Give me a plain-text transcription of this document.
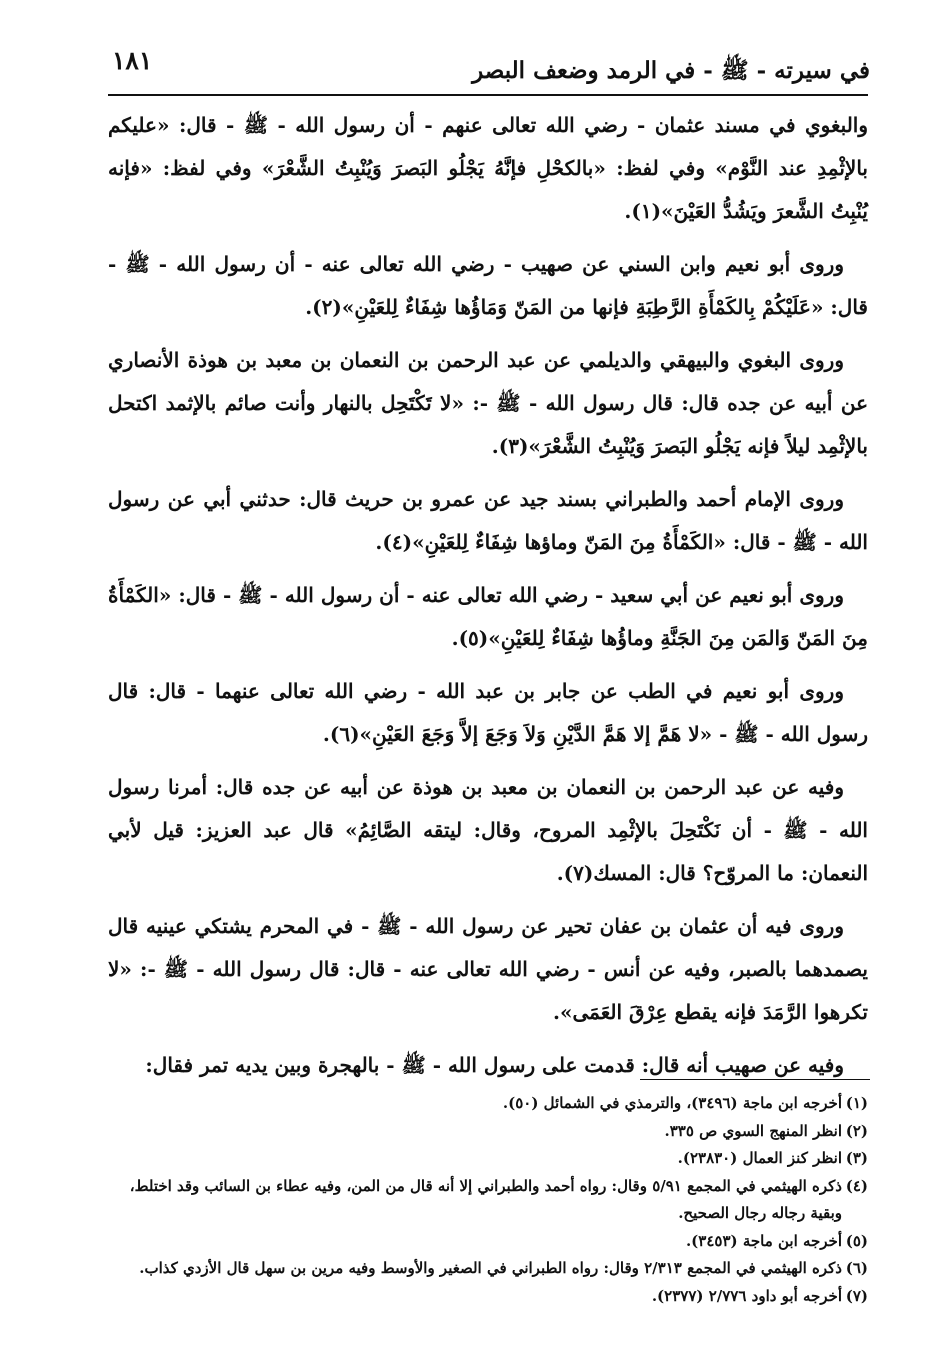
١٨١	في سيرته - ﷺ - في الرمد وضعف البصر

والبغوي في مسند عثمان - رضي الله تعالى عنهم - أن رسول الله - ﷺ - قال: «عليكم بالإثْمِدِ عند النَّوْم» وفي لفظ: «بالكحْلِ فإنَّهُ يَجْلُو البَصرَ وَيُنْبِتُ الشَّعْرَ» وفي لفظ: «فإنه يُنْبِتُ الشَّعرَ ويَشُدُّ العَيْنَ»(١).

وروى أبو نعيم وابن السني عن صهيب - رضي الله تعالى عنه - أن رسول الله - ﷺ - قال: «عَلَيْكُمْ بِالكَمْأَةِ الرَّطِبَةِ فإنها من المَنّ وَمَاؤُها شِفَاءٌ لِلعَيْنِ»(٢).

وروى البغوي والبيهقي والديلمي عن عبد الرحمن بن النعمان بن معبد بن هوذة الأنصاري عن أبيه عن جده قال: قال رسول الله - ﷺ -: «لا تَكْتَحِل بالنهار وأنت صائم بالإثمد اكتحل بالإثْمِد ليلاً فإنه يَجْلُو البَصرَ وَيُنْبِتُ الشَّعْرَ»(٣).

وروى الإمام أحمد والطبراني بسند جيد عن عمرو بن حريث قال: حدثني أبي عن رسول الله - ﷺ - قال: «الكَمْأَةُ مِنَ المَنّ وماؤها شِفَاءٌ لِلعَيْنِ»(٤).

وروى أبو نعيم عن أبي سعيد - رضي الله تعالى عنه - أن رسول الله - ﷺ - قال: «الكَمْأَةُ مِنَ المَنّ وَالمَن مِنَ الجَنَّةِ وماؤُها شِفَاءٌ لِلعَيْنِ»(٥).

وروى أبو نعيم في الطب عن جابر بن عبد الله - رضي الله تعالى عنهما - قال: قال رسول الله - ﷺ - «لا هَمَّ إلا هَمَّ الدَّيْنِ وَلاَ وَجَعَ إلاَّ وَجَعَ العَيْنِ»(٦).

وفيه عن عبد الرحمن بن النعمان بن معبد بن هوذة عن أبيه عن جده قال: أمرنا رسول الله - ﷺ - أن نَكْتَحِلَ بالإثْمِد المروح، وقال: ليتقه الصَّائِمُ» قال عبد العزيز: قيل لأبي النعمان: ما المروّح؟ قال: المسك(٧).

وروى فيه أن عثمان بن عفان تحير عن رسول الله - ﷺ - في المحرم يشتكي عينيه قال يصمدهما بالصبر، وفيه عن أنس - رضي الله تعالى عنه - قال: قال رسول الله - ﷺ -: «لا تكرهوا الرَّمَدَ فإنه يقطع عِرْقَ العَمَى».

وفيه عن صهيب أنه قال: قدمت على رسول الله - ﷺ - بالهجرة وبين يديه تمر فقال:

(١)أخرجه ابن ماجة (٣٤٩٦)، والترمذي في الشمائل (٥٠).

(٢)انظر المنهج السوي ص ٣٣٥.

(٣)انظر كنز العمال (٢٣٨٣٠).

(٤)ذكره الهيثمي في المجمع ٥/٩١ وقال: رواه أحمد والطبراني إلا أنه قال من المن، وفيه عطاء بن السائب وقد اختلط، وبقية رجاله رجال الصحيح.

(٥)أخرجه ابن ماجة (٣٤٥٣).

(٦)ذكره الهيثمي في المجمع ٢/٣١٣ وقال: رواه الطبراني في الصغير والأوسط وفيه مرين بن سهل قال الأزدي كذاب.

(٧)أخرجه أبو داود ٢/٧٧٦ (٢٣٧٧).
